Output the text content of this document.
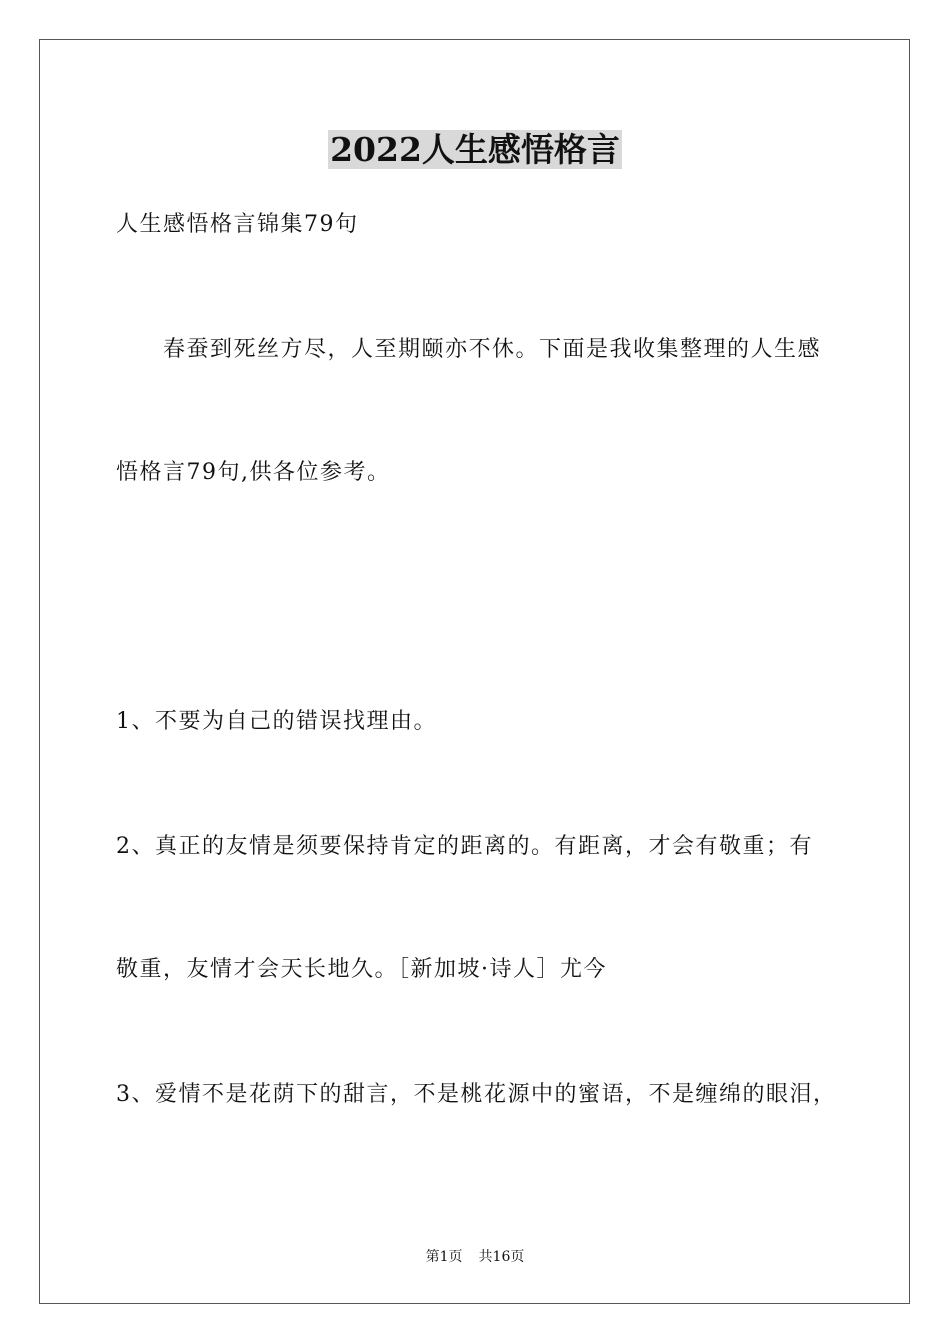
2022人生感悟格言
人生感悟格言锦集79句
春蚕到死丝方尽，人至期颐亦不休。下面是我收集整理的人生感
悟格言79句,供各位参考。
1、不要为自己的错误找理由。
2、真正的友情是须要保持肯定的距离的。有距离，才会有敬重；有
敬重，友情才会天长地久。［新加坡·诗人］尤今
3、爱情不是花荫下的甜言，不是桃花源中的蜜语，不是缠绵的眼泪，
第1页 共16页
